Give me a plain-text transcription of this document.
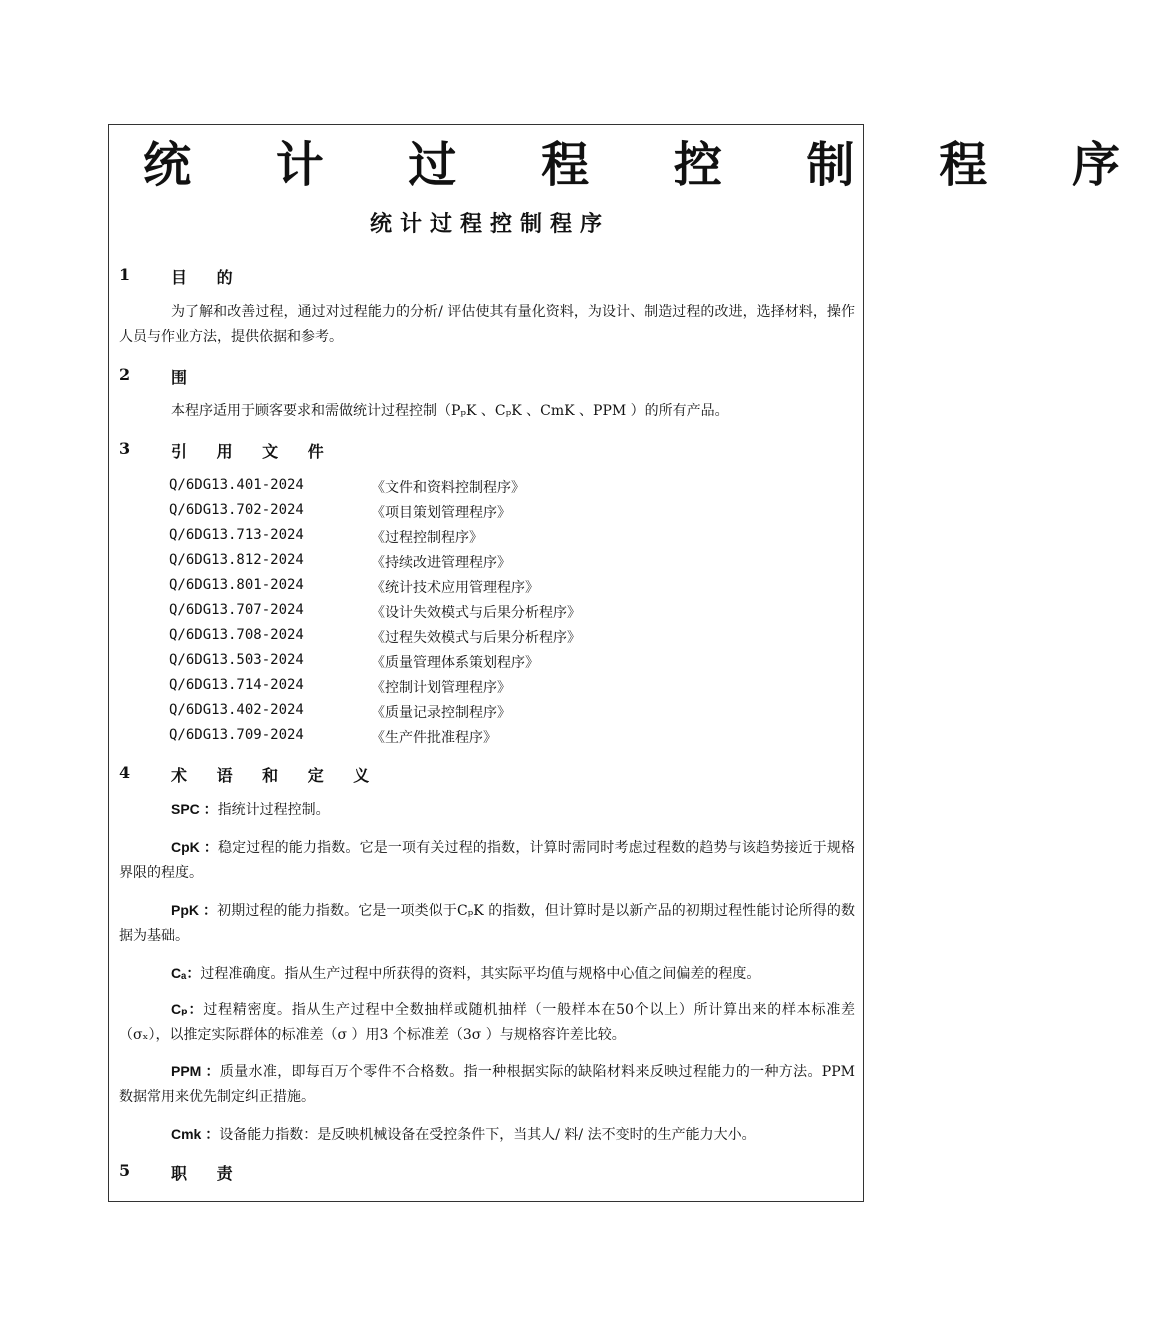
统 计 过 程 控 制 程 序
统计过程控制程序
1	目 的
为了解和改善过程，通过对过程能力的分析/ 评估使其有量化资料，为设计、制造过程的改进，选择材料，操作人员与作业方法，提供依据和参考。
2	围
本程序适用于顾客要求和需做统计过程控制（PₚK 、CₚK 、CmK 、PPM ）的所有产品。
3	引 用 文 件
Q/6DG13.401-2024	《文件和资料控制程序》
Q/6DG13.702-2024	《项目策划管理程序》
Q/6DG13.713-2024	《过程控制程序》
Q/6DG13.812-2024	《持续改进管理程序》
Q/6DG13.801-2024	《统计技术应用管理程序》
Q/6DG13.707-2024	《设计失效模式与后果分析程序》
Q/6DG13.708-2024	《过程失效模式与后果分析程序》
Q/6DG13.503-2024	《质量管理体系策划程序》
Q/6DG13.714-2024	《控制计划管理程序》
Q/6DG13.402-2024	《质量记录控制程序》
Q/6DG13.709-2024	《生产件批准程序》
4	术 语 和 定 义
SPC ：指统计过程控制。
CpK ：稳定过程的能力指数。它是一项有关过程的指数，计算时需同时考虑过程数的趋势与该趋势接近于规格界限的程度。
PpK ：初期过程的能力指数。它是一项类似于CₚK 的指数，但计算时是以新产品的初期过程性能讨论所得的数据为基础。
Cₐ：过程准确度。指从生产过程中所获得的资料，其实际平均值与规格中心值之间偏差的程度。
Cₚ：过程精密度。指从生产过程中全数抽样或随机抽样（一般样本在50个以上）所计算出来的样本标准差（σₓ），以推定实际群体的标准差（σ ）用3 个标准差（3σ ）与规格容许差比较。
PPM ：质量水准，即每百万个零件不合格数。指一种根据实际的缺陷材料来反映过程能力的一种方法。PPM 数据常用来优先制定纠正措施。
Cmk ：设备能力指数：是反映机械设备在受控条件下，当其人/ 料/ 法不变时的生产能力大小。
5	职 责
